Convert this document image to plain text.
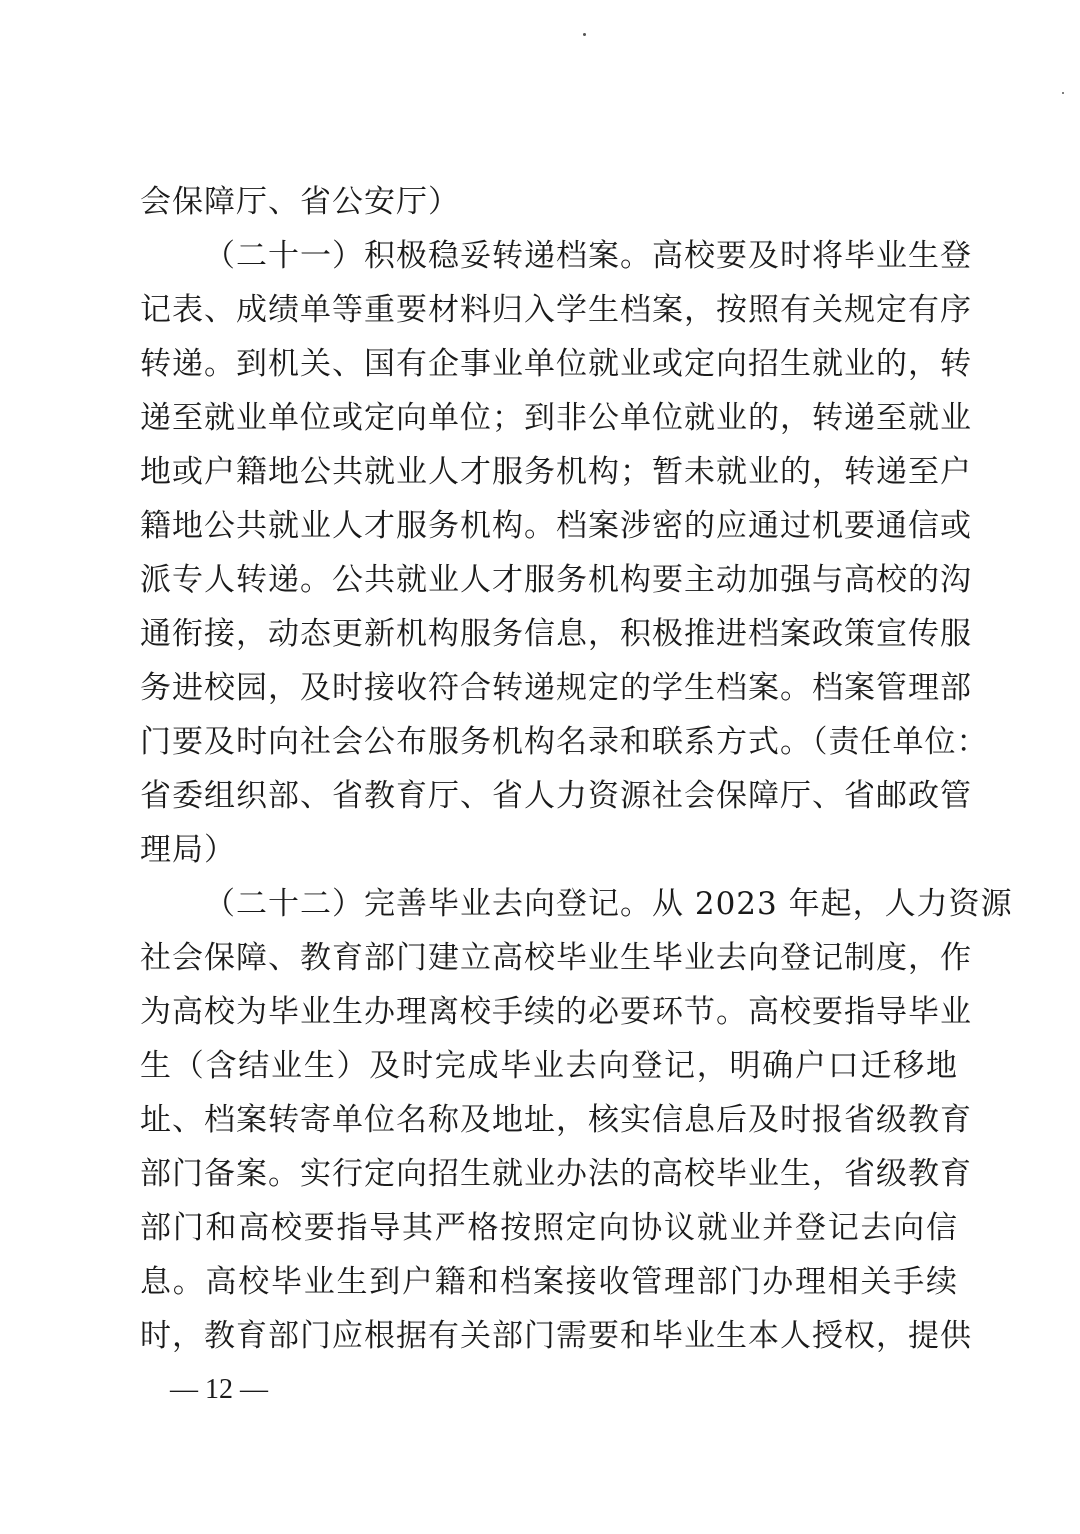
会保障厅、省公安厅）
（二十一）积极稳妥转递档案。高校要及时将毕业生登
记表、成绩单等重要材料归入学生档案，按照有关规定有序
转递。到机关、国有企事业单位就业或定向招生就业的，转
递至就业单位或定向单位；到非公单位就业的，转递至就业
地或户籍地公共就业人才服务机构；暂未就业的，转递至户
籍地公共就业人才服务机构。档案涉密的应通过机要通信或
派专人转递。公共就业人才服务机构要主动加强与高校的沟
通衔接，动态更新机构服务信息，积极推进档案政策宣传服
务进校园，及时接收符合转递规定的学生档案。档案管理部
门要及时向社会公布服务机构名录和联系方式。（责任单位：
省委组织部、省教育厅、省人力资源社会保障厅、省邮政管
理局）
（二十二）完善毕业去向登记。从 2023 年起，人力资源
社会保障、教育部门建立高校毕业生毕业去向登记制度，作
为高校为毕业生办理离校手续的必要环节。高校要指导毕业
生（含结业生）及时完成毕业去向登记，明确户口迁移地
址、档案转寄单位名称及地址，核实信息后及时报省级教育
部门备案。实行定向招生就业办法的高校毕业生，省级教育
部门和高校要指导其严格按照定向协议就业并登记去向信
息。高校毕业生到户籍和档案接收管理部门办理相关手续
时，教育部门应根据有关部门需要和毕业生本人授权，提供
— 12 —
